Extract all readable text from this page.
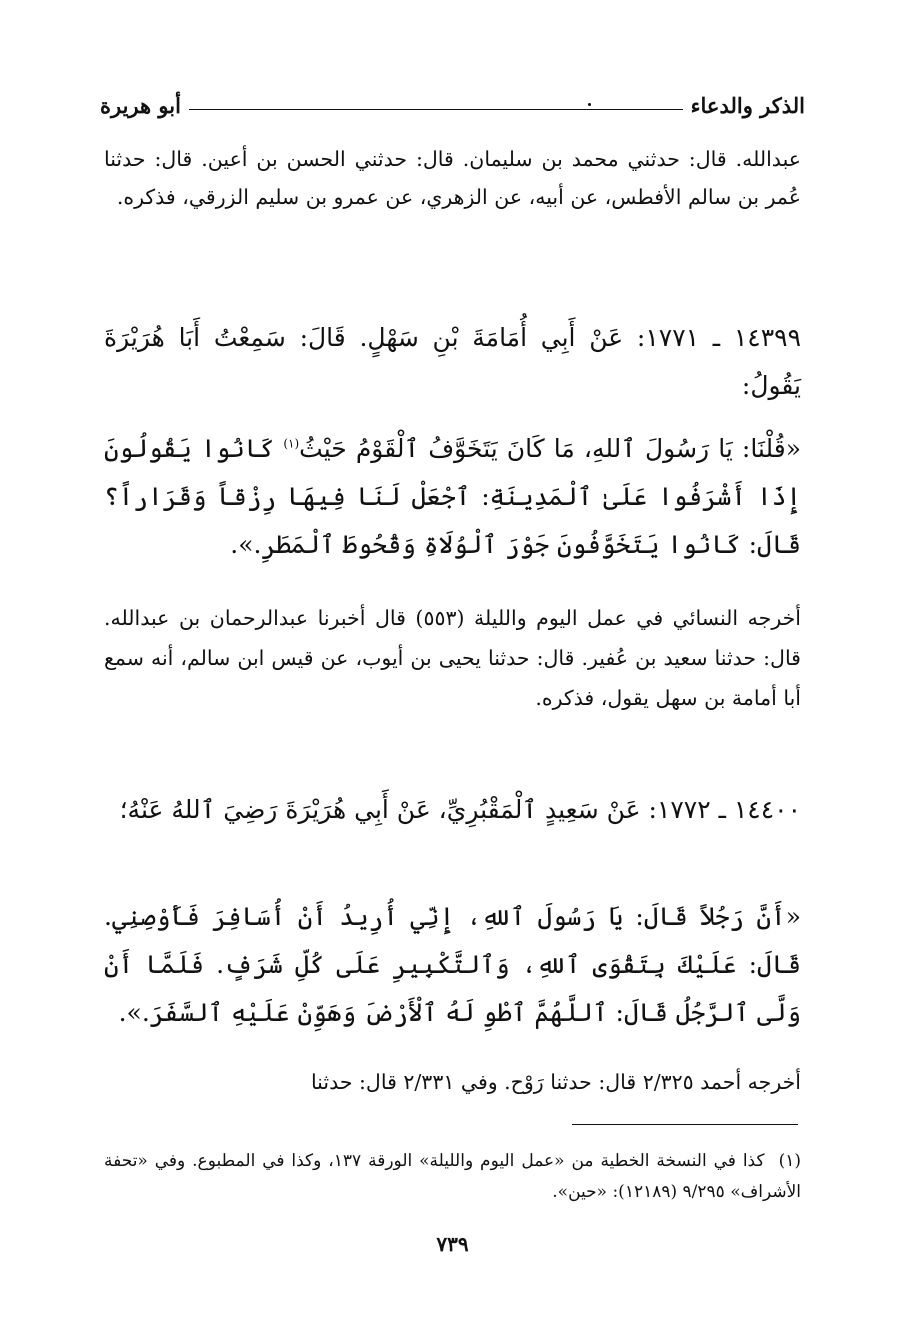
الذكر والدعاء
أبو هريرة
عبدالله. قال: حدثني محمد بن سليمان. قال: حدثني الحسن بن أعين. قال: حدثنا عُمر بن سالم الأفطس، عن أبيه، عن الزهري، عن عمرو بن سليم الزرقي، فذكره.
١٤٣٩٩ ـ ١٧٧١: عَنْ أَبِي أُمَامَةَ بْنِ سَهْلٍ. قَالَ: سَمِعْتُ أَبَا هُرَيْرَةَ يَقُولُ:
«قُلْنَا: يَا رَسُولَ ٱللهِ، مَا كَانَ يَتَخَوَّفُ ٱلْقَوْمُ حَيْثُ$^{(١)}$ كَانُوا يَقُولُونَ إِذَا أَشْرَفُوا عَلَىٰ ٱلْمَدِينَةِ: ٱجْعَلْ لَنَا فِيهَا رِزْقاً وَقَرَاراً؟ قَالَ: كَانُوا يَتَخَوَّفُونَ جَوْرَ ٱلْوُلَاةِ وَقُحُوطَ ٱلْمَطَرِ.».
أخرجه النسائي في عمل اليوم والليلة (٥٥٣) قال أخبرنا عبدالرحمان بن عبدالله. قال: حدثنا سعيد بن عُفير. قال: حدثنا يحيى بن أيوب، عن قيس ابن سالم، أنه سمع أبا أمامة بن سهل يقول، فذكره.
١٤٤٠٠ ـ ١٧٧٢: عَنْ سَعِيدٍ ٱلْمَقْبُرِيِّ، عَنْ أَبِي هُرَيْرَةَ رَضِيَ ٱللهُ عَنْهُ؛
«أَنَّ رَجُلاً قَالَ: يَا رَسُولَ ٱللهِ، إِنِّي أُرِيدُ أَنْ أُسَافِرَ فَأَوْصِنِي. قَالَ: عَلَيْكَ بِتَقْوَى ٱللهِ، وَٱلتَّكْبِيرِ عَلَى كُلِّ شَرَفٍ. فَلَمَّا أَنْ وَلَّى ٱلرَّجُلُ قَالَ: ٱللَّهُمَّ ٱطْوِ لَهُ ٱلْأَرْضَ وَهَوِّنْ عَلَيْهِ ٱلسَّفَرَ.».
أخرجه أحمد ٢/٣٢٥ قال: حدثنا رَوْح. وفي ٢/٣٣١ قال: حدثنا
(١)كذا في النسخة الخطية من «عمل اليوم والليلة» الورقة ١٣٧، وكذا في المطبوع. وفي «تحفة الأشراف» ٩/٢٩٥ (١٢١٨٩): «حين».
٧٣٩
